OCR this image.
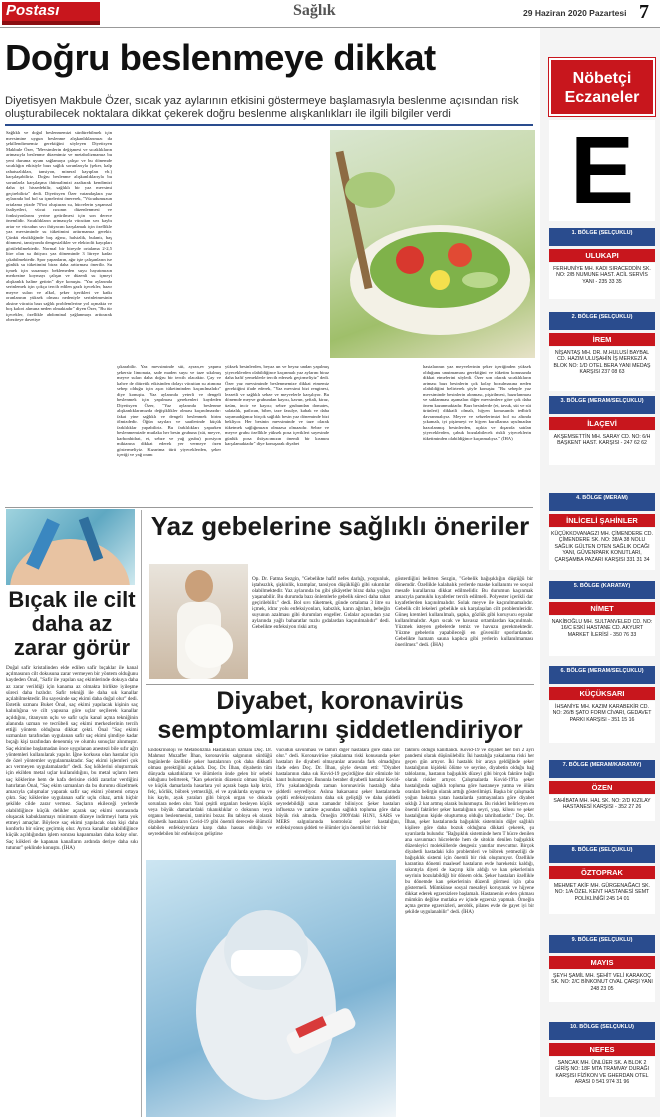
Postası	Sağlık	29 Haziran 2020 Pazartesi 7
Doğru beslenmeye dikkat
Diyetisyen Makbule Özer, sıcak yaz aylarının etkisini göstermeye başlamasıyla beslenme açısından risk oluşturabilecek noktalara dikkat çekerek doğru beslenme alışkanlıkları ile ilgili bilgiler verdi
Sağlıklı ve doğal beslenmemizi sürdürebilmek için mevsimine uygun beslenme alışkanlıklarımızı da şekillendirmemiz gerektiğini söyleyen Diyetisyen Makbule Özer, "Mevsimlerin değişmesi ve sıcaklıkların artmasıyla beslenme düzenimiz ve metabolizmamız bu yeni duruma uyum sağlamaya çalışır ve bu dönemde sıcaklığın etkisiyle bazı sağlık sorunlarıyla (şeker, kalp rahatsızlıkları, tansiyon, mineral kayıpları vb.) karşılaşabiliriz. Doğru beslenme alışkanlıklarıyla bu sorunlarla karşılaşma ihtimalimizi azaltarak kendimizi daha iyi hissedebilir, sağlıklı bir yaz mevsimi geçirebiliriz" dedi. Diyetisyen Özer vatandaşlara yaz aylarında bol bol su içmelerini önererek, "Vücudumuzun ortalama yüzde 70'ini oluşturan su, hücrelerin yaşamsal faaliyetleri, vücut ısısının düzenlenmesi ve fonksiyonlarını yerine getirilmesi için son derece önemlidir. Sıcaklıkların artmasıyla vücuttan sıvı kaybı artar ve vücudun sıvı ihtiyacını karşılamak için özellikle yaz mevsiminde su tüketimini arttırmamız gerekir. Çünkü eksikliğinde baş ağrısı, halsizlik, bulantı, baş dönmesi, tansiyonda dengesizlikler ve elektrolit kayıpları görülebilmektedir. Normal bir bireyde ortalama 2-2,5 litre olan su ihtiyacı yaz döneminde 3 litreye kadar çıkabilmektedir. Spor yapanların, ağır işte çalışanların ise günlük su tüketimini biraz daha arttırması önerilir. Su içmek için susamayı beklemeden suyu hayatımızın merkezine koymayı çalışın ve düzenli su içmeyi alışkanlık haline getirin" diye konuştu. "Yaz aylarında serinlemek için çokça tercih edilen gazlı içecekler, hazır meyve suları ve alkol, şeker içerikleri ve katkı oranlarının yüksek olması nedeniyle serinletmesinin aksine vücutta bazı sağlık problemlerine yol açmakta ve boş kalori alımına neden olmaktadır" diyen Özer, "Bu tür içecekler, özellikle abdominal yağlanmayı arttırarak obeziteye davetiye
çıkarabilir. Yaz mevsiminde süt, ayran,ev yapımı şekersiz limonata, sade maden suyu ve taze sıkılmış meyve suları daha doğru bir tercih olacaktır. Çay ve kahve de diüretik etkisinden dolayı vücuttan su atımına sebep olduğu için aşırı tüketiminden kaçınılmalıdır" diye konuştu. Yaz aylarında yeterli ve dengeli beslenmek için yapılması gerekenleri kaydeden Diyetisyen Özer, "Yaz aylarında beslenme alışkanlıklarımızda değişiklikler olması kaçınılmazdır: fakat yine sağlıklı ve dengeli beslenmek birim ölmizdedir. Öğün sayıları ve saatlerinde küçük farklılıklar yapabiliriz. Bu farklılıkları yaparken beslenmemizde mutlaka her besin grubuna (süt, meyve, karbonhidrat, et, sebze ve yağ grubu) porsiyon miktarına dikkat ederek yer vermeye özen göstermeliyiz. Kızartma türü yiyeceklerden, şeker içeriği ve yağ oranı
yüksek besinlerden, beyaz un ve beyaz undan yapılmış yiyeceklerden olabildiğince kaçınmalı yaz aylarını biraz daha hafif yemeklerle tercih edersek geçirmeliyiz" dedi. Özer yaz mevsiminde beslenmemize dikkat etmemiz gerektiğini ifade ederek, "Yaz mevsimi bizi renginesi, lezzetli ve sağlıklı sebze ve meyvelerle karşılıyor. Bu dönemde meyve grubundan kayısı, kavun, şeftali, kiraz, üzüm, incir ve kayısı; sebze grubundan domates, salatalık, patlıcan, biber, taze fasulye, kabak ve daha sayamadığımız birçok sağlıklı besin yaz döneminde bizi bekliyor. Her besinin mevsiminde ve taze olarak tüketmek sağlığımızın olmazsa olmazıdır. Sebze ve meyve grubu özellikle yüksek posa içerikleri sayesinde günlük posa ihtiyacımızın önemli bir kısmını karşılamaktadır" diye konuşarak diyabet
hastalarının yaz meyvelerinin şeker içeriğinden yüksek olduğunu unutmaması gerektiğini ve tüketim konusunda dikkat etmelerini söyledi. Özer son olarak sıcaklıkların artması bazı besinlerin çok kolay bozulmasına neden olabildiğini belirterek şöyle konuştu: "Bu sebeple yaz mevsiminde besinlerin alınması, pişirilmesi, hazırlanması ve saklanması aşamaları diğer mevsimlere göre çok daha önem kazanmaktadır. Bazı besinlerde (et, tavuk, süt ve süt ürünleri) dikkatli olmalı, hijyen konusunda tedbirli davranmalıyız. Meyve ve sebzelerimizi bol su altında yıkamalı, iyi pişirmeyi ve hijyen kurallarına uyulmadan hazırlanmış besinlerden, açıkta ve dışarıda satılan yiyeceklerden, çabuk bozulabilecek riskli yiyeceklerin tüketiminden olabildiğince kaçınmalıyız." (İHA)
Bıçak ile cilt daha az zarar görür
Doğal safir kristalinden elde edilen safir bıçaklar ile kanal açılmasının cilt dokusuna zarar vermeyen bir yöntem olduğunu kaydeden Önal, "Safir ile yapılan saç ekimlerinde dokuya daha az zarar verildiği için kanama az olmakta birlikte iyileşme süreci daha hızlıdır. Safir tekniği ile daha sık kanallar açılabilmektedir. Bu sayesinde saç ekimi daha doğal olur" dedi. Estetik uzmanı Buket Önal, saç ekimi yapılacak kişinin saç kalınlığına ve cilt yapısına göre uçlar seçilerek kanallar açıldığını, titanyum uçlu ve safir uçlu kanal açma tekniğinin alanında uzman ve tecrübeli saç ekimi merkezlerinin tercih ettiği yöntem olduğuna dikkat çekti. Önal "Saç ekimi uzmanları tarafından uygulanan safir saç ekimi şimdiye kadar bıçağı kişi tarafından denenmiş ve olumlu sonuçlar alınmıştır. Saç ekimine başlamadan önce uygulanan anestezi bile sıfır ağrı yöntemleri kullanılarak yapılır. İğne korkusu olan hastalar için de özel yöntemler uygulanmaktadır. Saç ekimi işlemleri çok acı vermeyen uygulamalardır" dedi. Saç köklerini oluşturmak için ekilden metal uçlar kullanıldığını, bu metal uçların hem saç köklerine hem de kafa derisine ciddi zararlar verdiğini hatırlatan Önal, "Saç ekim uzmanları da bu durumu düzeltmek amacıyla çalışmalar yaparak safir saç ekimi yöntemi ortaya çıktı. Saç köklerine uygulanan safir uçlu cihaz, artık hiçbir şekilde cilde zarar vermez. Saçların ekileceği yerlerde olabildiğince küçük delikler açarak saç ekimi sonrasında oluşacak kabuklanmayı minimum düzeye indirmeyi hatta yok etmeyi amaçlar. Böylece saç ekimi yapılacak olan kişi daha konforlu bir süreç geçirmiş olur. Ayrıca kanallar olabildiğince küçük açıldığından işlem sonrası kapanmaları daha kolay olur. Saç kökleri de kapanan kanalların ardında deriye daha sıkı tutunur" şeklinde konuştu. (İHA)
Yaz gebelerine sağlıklı öneriler
Op. Dr. Fatma Sezgin, "Gebelikte hafif nefes darlığı, yorgunluk, iştahsızlık, şişkinlik, kramplar, tansiyon düşüklüğü gibi sıkıntılar olabilmektedir. Yaz aylarında bu gibi şikâyetler biraz daha yoğun yaşanabilir. Bu durumda bazı önlemlerle gebelik süreci daha rahat geçirilebilir." dedi. Bol sıvı tüketmek, günde ortalama 3 litre su içmek, idrar yolu enfeksiyonları, kabızlık, karın ağrıları, bebeğin suyunun azalması gibi durumları engeller. Gıdalar açısından yaz aylarında yağlı baharatlar tuzlu gıdalardan kaçınılmalıdır" dedi. Gebelikte enfeksiyon riski artış
gösterdiğini belirten Sezgin, "Gebelik bağışıklığın düştüğü bir dönemdir. Özellikle kalabalık yerlerde maske kullanımı ve sosyal mesafe kurallarına dikkat edilmelidir. Bu durumun kaçınmak amacıyla pamuklu kıyafetler tercih edilmeli. Polyester içerikli dar kıyafetlerden kaçınılmalıdır. Solak meyve ile kaçınılmamalıdır. Gebelik cilt lekeleri gebelikle sık karşılaşılan cilt problemleridir. Güneş kremleri kullanılmalı, şapka, gözlük gibi koruyucu eşyalar kullanılmalıdır. Aşırı sıcak ve havasız ortamlardan kaçınılmalı. Yüzmek isteyen gebelerde temiz ve havuzu gerekmektedir. Yüzme gebelerin yapabileceği en güvenilir sporlardandır. Gebelikte hamam sauna kaplıca gibi yerlerin kullanılmaması önerilmez" dedi. (İHA)
Diyabet, koronavirüs semptomlarını şiddetlendiriyor
Endokrinoloji ve Metabolizma Hastalıkları uzmanı Doç. Dr. Mahmut Muzaffer İlhan, koronavirüs salgınının sürdüğü bugünlerde özellikle şeker hastalarının çok daha dikkatli olması gerektiğini açıkladı. Doç. Dr. İlhan, diyabetin tüm dünyada sakatlıkların ve ölümlerin önde gelen bir sebebi olduğunu belirterek, "Kan şekerinin düzensiz olması büyük ve küçük damarlarda hasarlara yol açarak başta kalp krizi, felç, körlük, böbrek yetmezliği, el ve ayaklarda uyuşma ve his kaybı, ayak yaraları gibi birçok organ ve dokuda sorunlara neden olur. Yani çeşitli organları besleyen küçük veya büyük damarlardaki tıkanıklıklar o dokunun veya organın beslenmesini, tamirini bozar. Bu tabloya ek olarak diyabetik hastaların Covid-19 gibi önemli derecede ölümcül olabilen enfeksiyonlara karşı daha hassas olduğu ve seyredebilen bir enfeksiyon geliştirse
vücudun savunması ve tamiri diğer hastalara göre daha zor olur." dedi. Koronavirüse yakalanma riski konusunda şeker hastaları ile diyabeti olmayanlar arasında fark olmadığını ifade eden Doç. Dr. İlhan, şöyle devam etti: "Diyabet hastalarının daha sık Kovid-19 geçirdiğine dair elimizde bir kanıt bulunmuyor. Bununla beraber diyabetli hastalar Kovid-19'u yakalandığında zaman koronavirüs hastalığı daha şiddetli seyrediyor. Aslına bakarsanız şeker hastalarında çeşitli enfeksiyonların daha sık geliştiği ve daha şiddetli seyredebildiği uzun zamandır biliniyor. Şeker hastaları influenza ve zatürre açısından sağlıklı topluma göre daha büyük risk altında. Örneğin 2009'daki H1N1, SARS ve MERS salgınlarında kontrolsüz şeker hastalığını, enfeksiyonun şiddeti ve ölümler için önemli bir risk bir
faktörü olduğu kanıtlandı. Kovid-19 ve diyabet her biri 2 ayrı pandemi olarak düşünülebilir. İki hastalığa yakalanma riski her geçen gün artıyor. İki hastalık bir araya geldiğinde şeker hastalığının kişideki ölüme ve seyrine, diyabetin olduğu bağ tablolarını, hastanın bağışıklık düzeyi gibi birçok faktöre bağlı olarak riskler artıyor. Çalışmalarda Kovid-19'la şeker hastalığında sağlıklı topluma göre hastaneye yatma ve ölüm oranları belirgin olarak arttığı gösterilmişti. Başka bir çalışmada yoğun bakıma yatan hastalarda yatmayanlara göre diyabet sıklığı 2 kat artmış olarak bulunmuştu. Bu riskleri belirleyen en önemli faktörler şeker hastalığının seyri, yaşı, kilosu ve şeker hastalığının kişide oluşturmuş olduğu tahribatlardır." Doç. Dr. İlhan, şeker hastalarında bağışıklık sisteminin diğer sağlıklı kişilere göre daha bozuk olduğuna dikkati çekerek, şu uyarılarda bulundu: "Bağışıklık sisteminde hem T hücre denilen ana savunmacı hücrelerde hem de sitokin denilen bağışıklık düzenleyici moleküllerde dengesiz yanıtlar mevcuttur. Birçok diyabetli hastadaki kilo problemleri ve böbrek yetmezliği de bağışıklık sistemi için önemli bir risk oluşturuyor. Özellikle karantina dönemi maalesef hastaların evde hareketsiz kaldığı, sıkıntıyla diyeti de kaçırıp kilo aldığı ve kan şekerlerinin seyrinin bozulabildiği bir dönem oldu. Şeker hastaları özellikle bu dönemde kan şekerlerinin düzenli görmesi için çaba göstermeli. Mümkünse sosyal mesafeyi koruyarak ve hijyene dikkat ederek egzersizlere başlamalı. Hastanenin evden çıkması mümkün değilse mutlaka ev içinde egzersiz yapmalı. Örneğin açma germe egzersizleri, aerobik, pilates evde de gayet iyi bir şekilde uygulanabilir" dedi. (İHA)
Nöbetçi
Eczaneler
E
1. BÖLGE (SELÇUKLU)
ULUKAPI
FERHUNİYE MH. KADI SIRACEDDİN SK. NO: 2/B NUMUNE HAST. ACİL SERVİS YANI - 235 33 35
2. BÖLGE (SELÇUKLU)
İREM
NİŞANTAŞ MH. DR. M.HULUSİ BAYBAL CD. HAZIM ULUŞAHİN İŞ MERKEZİ A BLOK NO: 1/D OTEL BERA YANI MEDAŞ KARŞISI 237 08 63
3. BÖLGE (MERAM/SELÇUKLU)
İLAÇEVİ
AKŞEMSETTİN MH. SARAY CD. NO: 6/H BAŞKENT HAST. KARŞISI - 247 62 62
4. BÖLGE (MERAM)
İNLİCELİ ŞAHİNLER
KÜÇÜKKOVANAGZI MH. ÇİMENDERE CD. ÇİMENDERE SK. NO: 38/A 38 NOLU SAĞLIK GÜLTEN OTEN SAĞLIK OCAĞI YANI, GÜVENPARK KONUTLARI, ÇARŞAMBA PAZARI KARŞISI 331 31 34
5. BÖLGE (KARATAY)
NİMET
NAKİBOĞLU MH. SULTANVELED CD. NO: 16/C ESKİ HASTANE CD. AKYURT MARKET İLERİSİ - 350 76 33
6. BÖLGE (MERAM/SELÇUKLU)
KÜÇÜKSARI
İHSANİYE MH. KAZIM KARABEKİR CD. NO: 26/B ŞATO FORM CİVARI, GEDAVET PARKI KARŞISI - 351 15 16
7. BÖLGE (MERAM/KARATAY)
ÖZEN
SAHİBATA MH. HAL SK. NO: 2/D KIZILAY HASTANESİ KARŞISI - 352 27 26
8. BÖLGE (SELÇUKLU)
ÖZTOPRAK
MEHMET AKİF MH. GÜRGENAĞACI SK. NO: 1/A ÖZEL KENT HASTANESİ SEMT POLİKLİNİĞİ 245 14 01
9. BÖLGE (SELÇUKLU)
MAYIS
ŞEYH ŞAMİL MH. ŞEHİT VELİ KARAKOÇ SK. NO: 2/C BİNKONUT OVAL ÇARŞI YANI 248 23 05
10. BÖLGE (SELÇUKLU)
NEFES
SANCAK MH. ÜNLÜER SK. A BLOK 2 GİRİŞ NO: 18F MTA TRAMVAY DURAĞI KARŞISI FİZİKON VE GHERDAN OTEL ARASI 0 541 974 31 96
